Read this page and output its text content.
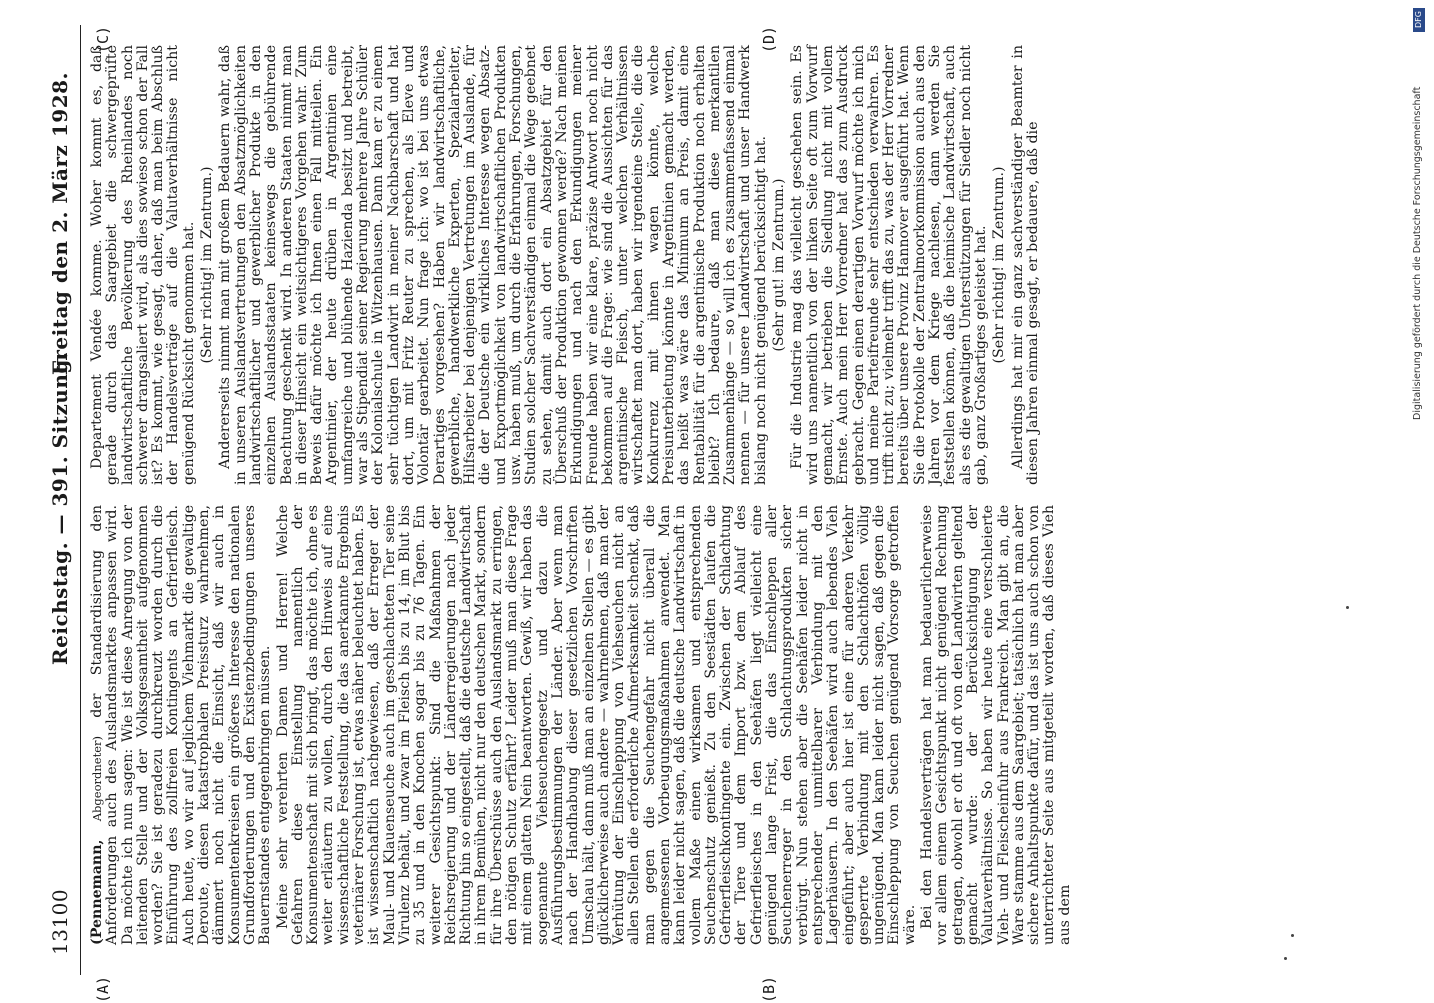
13100
Reichstag. — 391. Sitzung.
Freitag den 2. März 1928.
(A)	(B)
(C)	(D)

(Pennemann, Abgeordneter) der Standardisierung den Anforderungen auch des Auslandsmarktes anpassen wird. Da möchte ich nun sagen: Wie ist diese Anregung von der leitenden Stelle und der Volksgesamtheit aufgenommen worden? Sie ist geradezu durchkreuzt worden durch die Einführung des zollfreien Kontingents an Gefrierfleisch. Auch heute, wo wir auf jeglichem Viehmarkt die gewaltige Deroute, diesen katastrophalen Preissturz wahrnehmen, dämmert noch nicht die Einsicht, daß wir auch in Konsumentenkreisen ein größeres Interesse den nationalen Grundforderungen und den Existenzbedingungen unseres Bauernstandes entgegenbringen müssen. Meine sehr verehrten Damen und Herren! Welche Gefahren diese Einstellung namentlich der Konsumentenschaft mit sich bringt, das möchte ich, ohne es weiter erläutern zu wollen, durch den Hinweis auf eine wissenschaftliche Feststellung, die das anerkannte Ergebnis veterinärer Forschung ist, etwas näher beleuchtet haben. Es ist wissenschaftlich nachgewiesen, daß der Erreger der Maul- und Klauenseuche auch im geschlachteten Tier seine Virulenz behält, und zwar im Fleisch bis zu 14, im Blut bis zu 35 und in den Knochen sogar bis zu 76 Tagen. Ein weiterer Gesichtspunkt: Sind die Maßnahmen der Reichsregierung und der Länderregierungen nach jeder Richtung hin so eingestellt, daß die deutsche Landwirtschaft in ihrem Bemühen, nicht nur den deutschen Markt, sondern für ihre Überschüsse auch den Auslandsmarkt zu erringen, den nötigen Schutz erfährt? Leider muß man diese Frage mit einem glatten Nein beantworten. Gewiß, wir haben das sogenannte Viehseuchengesetz und dazu die Ausführungsbestimmungen der Länder. Aber wenn man nach der Handhabung dieser gesetzlichen Vorschriften Umschau hält, dann muß man an einzelnen Stellen — es gibt glücklicherweise auch andere — wahrnehmen, daß man der Verhütung der Einschleppung von Viehseuchen nicht an allen Stellen die erforderliche Aufmerksamkeit schenkt, daß man gegen die Seuchengefahr nicht überall die angemessenen Vorbeugungsmaßnahmen anwendet. Man kann leider nicht sagen, daß die deutsche Landwirtschaft in vollem Maße einen wirksamen und entsprechenden Seuchenschutz genießt. Zu den Seestädten laufen die Gefrierfleischkontingente ein. Zwischen der Schlachtung der Tiere und dem Import bzw. dem Ablauf des Gefrierfleisches in den Seehäfen liegt vielleicht eine genügend lange Frist, die das Einschleppen aller Seuchenerreger in den Schlachtungsprodukten sicher verbürgt. Nun stehen aber die Seehäfen leider nicht in entsprechender unmittelbarer Verbindung mit den Lagerhäusern. In den Seehäfen wird auch lebendes Vieh eingeführt; aber auch hier ist eine für anderen Verkehr gesperrte Verbindung mit den Schlachthöfen völlig ungenügend. Man kann leider nicht sagen, daß gegen die Einschleppung von Seuchen genügend Vorsorge getroffen wäre. Bei den Handelsverträgen hat man bedauerlicherweise vor allem einem Gesichtspunkt nicht genügend Rechnung getragen, obwohl er oft und oft von den Landwirten geltend gemacht wurde: der Berücksichtigung der Valutaverhältnisse. So haben wir heute eine verschleierte Vieh- und Fleischeinfuhr aus Frankreich. Man gibt an, die Ware stamme aus dem Saargebiet; tatsächlich hat man aber sichere Anhaltspunkte dafür, und das ist uns auch schon von unterrichteter Seite aus mitgeteilt worden, daß dieses Vieh aus dem

Departement Vendée komme. Woher kommt es, daß gerade durch das Saargebiet die schwergeprüfte landwirtschaftliche Bevölkerung des Rheinlandes noch schwerer drangsaliert wird, als dies sowieso schon der Fall ist? Es kommt, wie gesagt, daher, daß man beim Abschluß der Handelsverträge auf die Valutaverhältnisse nicht genügend Rücksicht genommen hat. (Sehr richtig! im Zentrum.) Andererseits nimmt man mit großem Bedauern wahr, daß in unseren Auslandsvertretungen den Absatzmöglichkeiten landwirtschaftlicher und gewerblicher Produkte in den einzelnen Auslandsstaaten keineswegs die gebührende Beachtung geschenkt wird. In anderen Staaten nimmt man in dieser Hinsicht ein weitsichtigeres Vorgehen wahr. Zum Beweis dafür möchte ich Ihnen einen Fall mitteilen. Ein Argentinier, der heute drüben in Argentinien eine umfangreiche und blühende Hazienda besitzt und betreibt, war als Stipendiat seiner Regierung mehrere Jahre Schüler der Kolonialschule in Witzenhausen. Dann kam er zu einem sehr tüchtigen Landwirt in meiner Nachbarschaft und hat dort, um mit Fritz Reuter zu sprechen, als Eleve und Volontär gearbeitet. Nun frage ich: wo ist bei uns etwas Derartiges vorgesehen? Haben wir landwirtschaftliche, gewerbliche, handwerkliche Experten, Spezialarbeiter, Hilfsarbeiter bei denjenigen Vertretungen im Auslande, für die der Deutsche ein wirkliches Interesse wegen Absatz- und Exportmöglichkeit von landwirtschaftlichen Produkten usw. haben muß, um durch die Erfahrungen, Forschungen, Studien solcher Sachverständigen einmal die Wege geebnet zu sehen, damit auch dort ein Absatzgebiet für den Überschuß der Produktion gewonnen werde? Nach meinen Erkundigungen und nach den Erkundigungen meiner Freunde haben wir eine klare, präzise Antwort noch nicht bekommen auf die Frage: wie sind die Aussichten für das argentinische Fleisch, unter welchen Verhältnissen wirtschaftet man dort, haben wir irgendeine Stelle, die die Konkurrenz mit ihnen wagen könnte, welche Preisunterbietung könnte in Argentinien gemacht werden, das heißt was wäre das Minimum an Preis, damit eine Rentabilität für die argentinische Produktion noch erhalten bleibt? Ich bedaure, daß man diese merkantilen Zusammenhänge — so will ich es zusammenfassend einmal nennen — für unsere Landwirtschaft und unser Handwerk bislang noch nicht genügend berücksichtigt hat. (Sehr gut! im Zentrum.) Für die Industrie mag das vielleicht geschehen sein. Es wird uns namentlich von der linken Seite oft zum Vorwurf gemacht, wir betrieben die Siedlung nicht mit vollem Ernste. Auch mein Herr Vorredner hat das zum Ausdruck gebracht. Gegen einen derartigen Vorwurf möchte ich mich und meine Parteifreunde sehr entschieden verwahren. Es trifft nicht zu; vielmehr trifft das zu, was der Herr Vorredner bereits über unsere Provinz Hannover ausgeführt hat. Wenn Sie die Protokolle der Zentralmoorkommission auch aus den Jahren vor dem Kriege nachlesen, dann werden Sie feststellen können, daß die heimische Landwirtschaft, auch als es die gewaltigen Unterstützungen für Siedler noch nicht gab, ganz Großartiges geleistet hat. (Sehr richtig! im Zentrum.) Allerdings hat mir ein ganz sachverständiger Beamter in diesen Jahren einmal gesagt, er bedauere, daß die

DFG
Digitalisierung gefördert durch die Deutsche Forschungsgemeinschaft
